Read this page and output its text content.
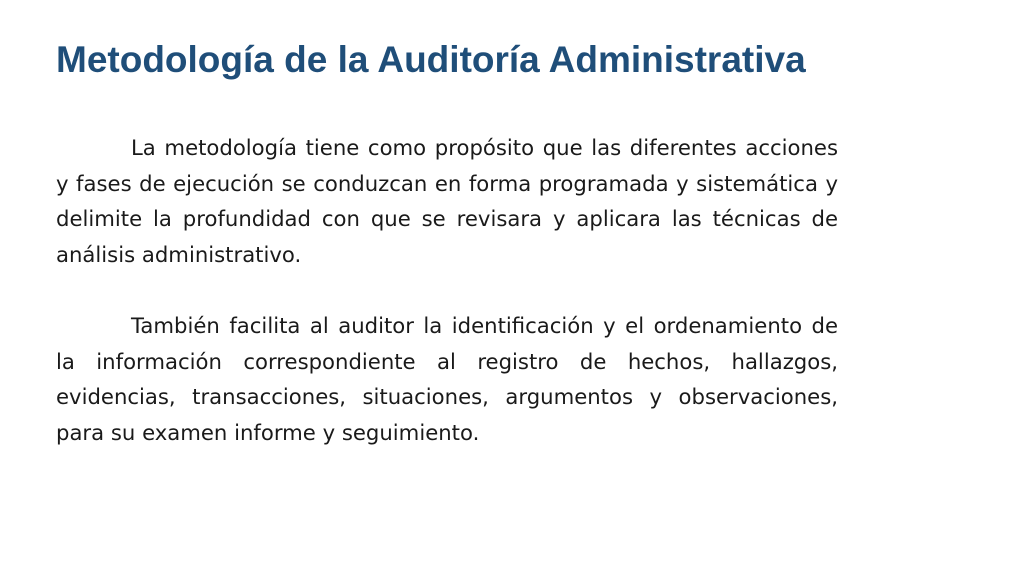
Metodología de la Auditoría Administrativa

La metodología tiene como propósito que las diferentes acciones y fases de ejecución se conduzcan en forma programada y sistemática y delimite la profundidad con que se revisara y aplicara las técnicas de análisis administrativo.

También facilita al auditor la identificación y el ordenamiento de la información correspondiente al registro de hechos, hallazgos, evidencias, transacciones, situaciones, argumentos y observaciones, para su examen informe y seguimiento.
